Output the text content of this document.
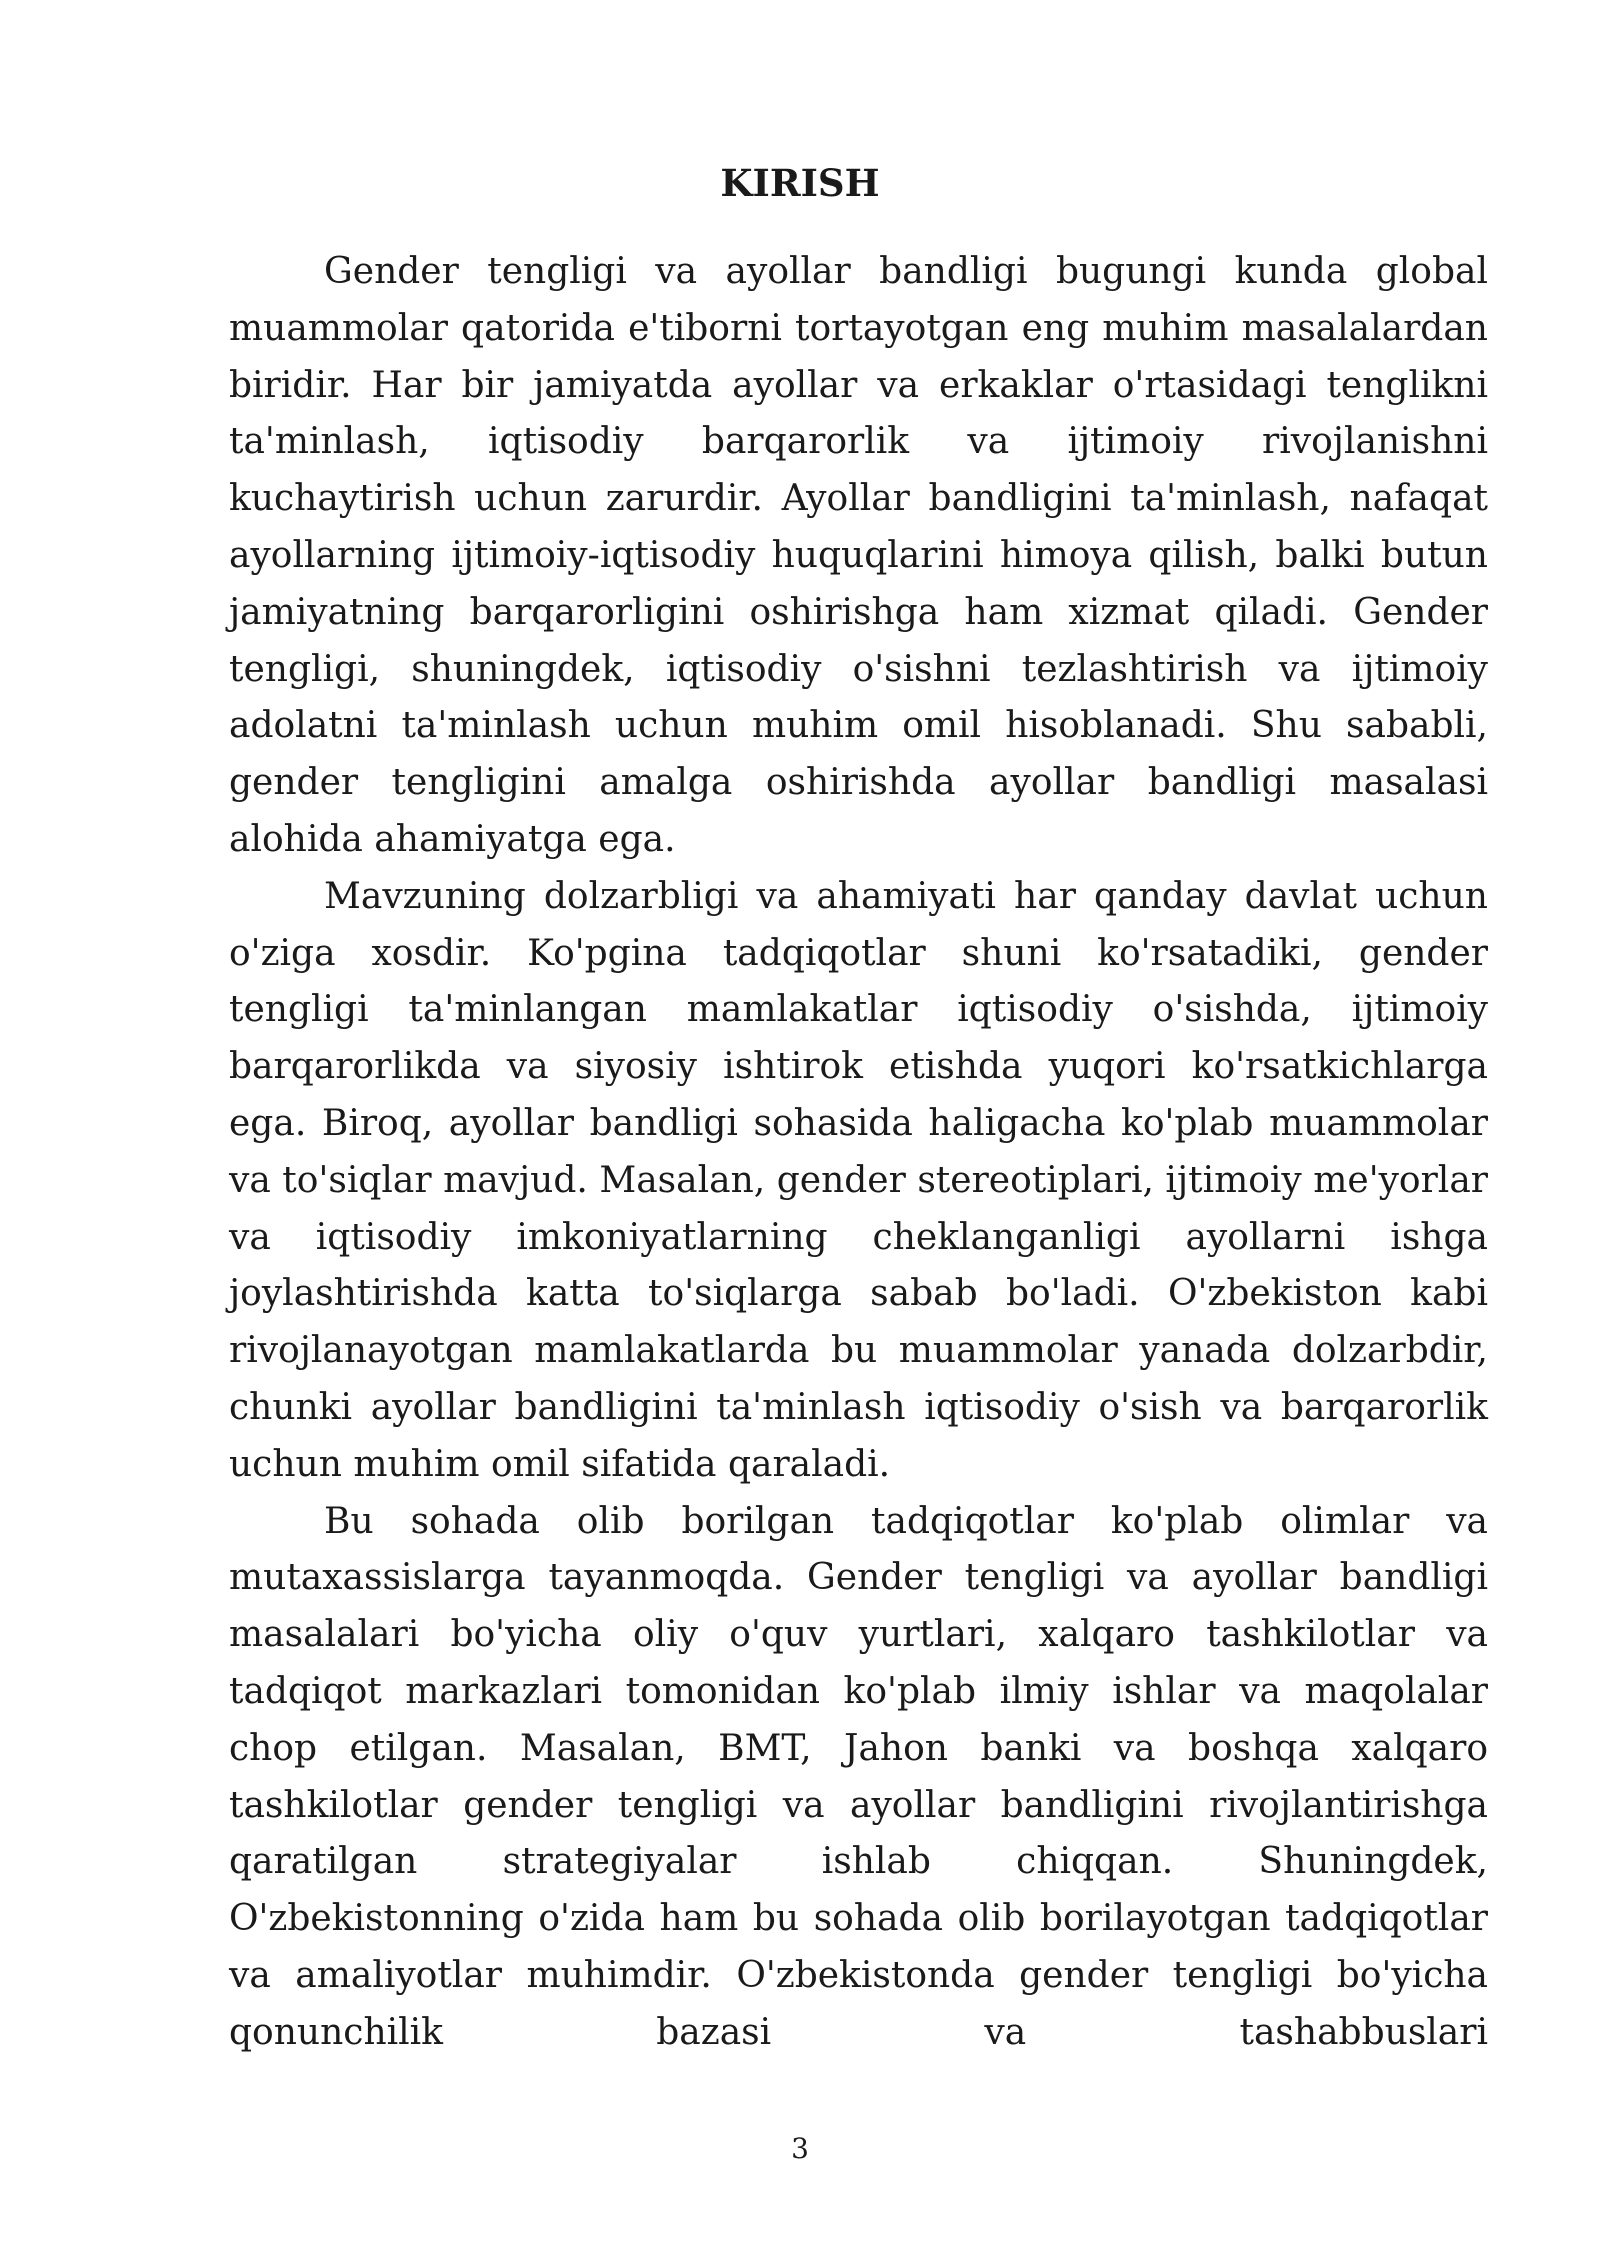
KIRISH

Gender tengligi va ayollar bandligi bugungi kunda global muammolar qatorida e'tiborni tortayotgan eng muhim masalalardan biridir. Har bir jamiyatda ayollar va erkaklar o'rtasidagi tenglikni ta'minlash, iqtisodiy barqarorlik va ijtimoiy rivojlanishni kuchaytirish uchun zarurdir. Ayollar bandligini ta'minlash, nafaqat ayollarning ijtimoiy-iqtisodiy huquqlarini himoya qilish, balki butun jamiyatning barqarorligini oshirishga ham xizmat qiladi. Gender tengligi, shuningdek, iqtisodiy o'sishni tezlashtirish va ijtimoiy adolatni ta'minlash uchun muhim omil hisoblanadi. Shu sababli, gender tengligini amalga oshirishda ayollar bandligi masalasi alohida ahamiyatga ega.

Mavzuning dolzarbligi va ahamiyati har qanday davlat uchun o'ziga xosdir. Ko'pgina tadqiqotlar shuni ko'rsatadiki, gender tengligi ta'minlangan mamlakatlar iqtisodiy o'sishda, ijtimoiy barqarorlikda va siyosiy ishtirok etishda yuqori ko'rsatkichlarga ega. Biroq, ayollar bandligi sohasida haligacha ko'plab muammolar va to'siqlar mavjud. Masalan, gender stereotiplari, ijtimoiy me'yorlar va iqtisodiy imkoniyatlarning cheklanganligi ayollarni ishga joylashtirishda katta to'siqlarga sabab bo'ladi. O'zbekiston kabi rivojlanayotgan mamlakatlarda bu muammolar yanada dolzarbdir, chunki ayollar bandligini ta'minlash iqtisodiy o'sish va barqarorlik uchun muhim omil sifatida qaraladi.

Bu sohada olib borilgan tadqiqotlar ko'plab olimlar va mutaxassislarga tayanmoqda. Gender tengligi va ayollar bandligi masalalari bo'yicha oliy o'quv yurtlari, xalqaro tashkilotlar va tadqiqot markazlari tomonidan ko'plab ilmiy ishlar va maqolalar chop etilgan. Masalan, BMT, Jahon banki va boshqa xalqaro tashkilotlar gender tengligi va ayollar bandligini rivojlantirishga qaratilgan strategiyalar ishlab chiqqan. Shuningdek, O'zbekistonning o'zida ham bu sohada olib borilayotgan tadqiqotlar va amaliyotlar muhimdir. O'zbekistonda gender tengligi bo'yicha qonunchilik bazasi va tashabbuslari

3
